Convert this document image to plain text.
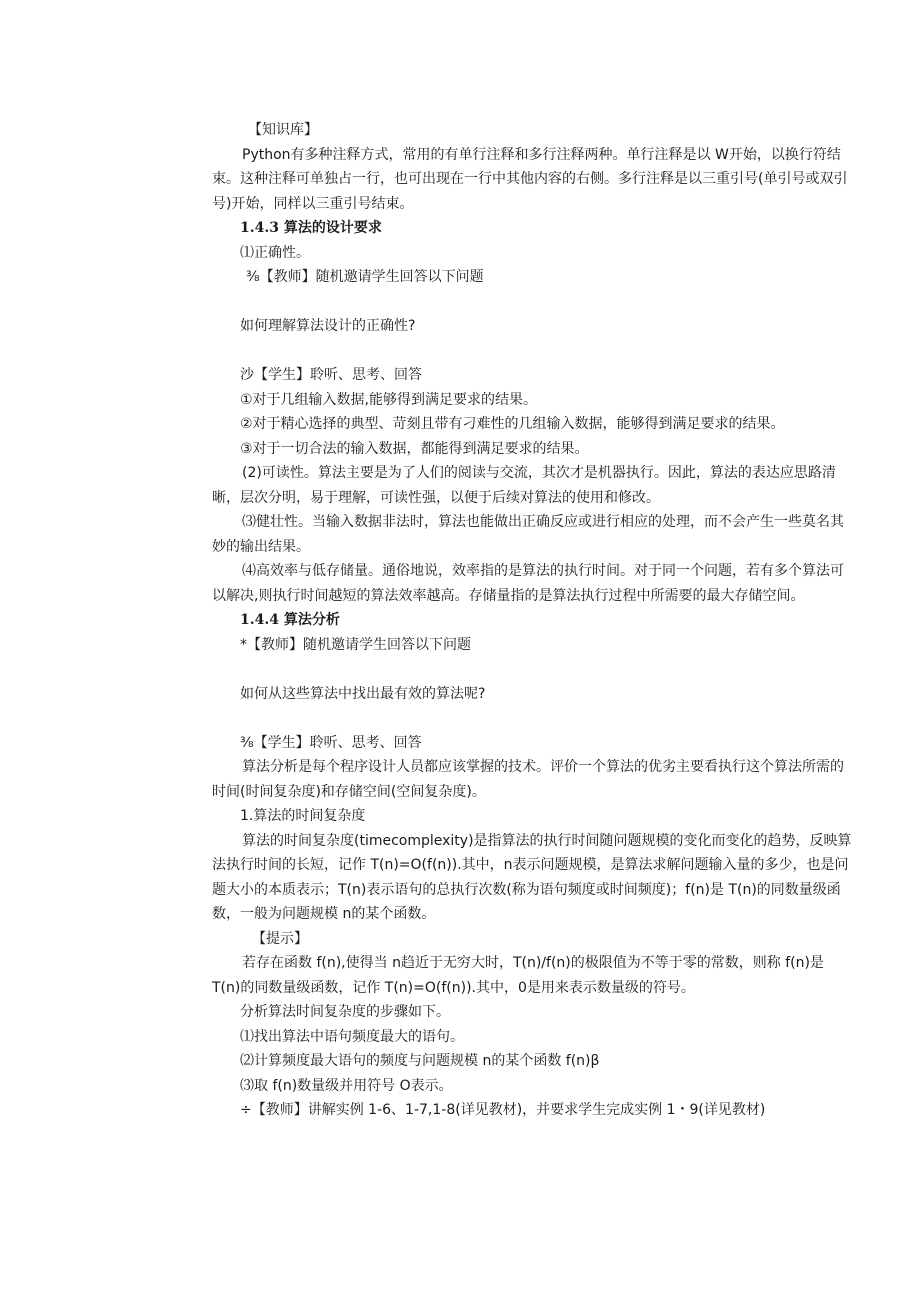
【知识库】

Python有多种注释方式，常用的有单行注释和多行注释两种。单行注释是以 W开始，以换行符结束。这种注释可单独占一行，也可出现在一行中其他内容的右侧。多行注释是以三重引号(单引号或双引号)开始，同样以三重引号结束。

1.4.3 算法的设计要求

⑴正确性。

⅜【教师】随机邀请学生回答以下问题

如何理解算法设计的正确性?

沙【学生】聆听、思考、回答

①对于几组输入数据,能够得到满足要求的结果。

②对于精心选择的典型、苛刻且带有刁难性的几组输入数据，能够得到满足要求的结果。

③对于一切合法的输入数据，都能得到满足要求的结果。

(2)可读性。算法主要是为了人们的阅读与交流，其次才是机器执行。因此，算法的表达应思路清晰，层次分明，易于理解，可读性强，以便于后续对算法的使用和修改。

⑶健壮性。当输入数据非法时，算法也能做出正确反应或进行相应的处理，而不会产生一些莫名其妙的输出结果。

⑷高效率与低存储量。通俗地说，效率指的是算法的执行时间。对于同一个问题，若有多个算法可以解决,则执行时间越短的算法效率越高。存储量指的是算法执行过程中所需要的最大存储空间。

1.4.4 算法分析

*【教师】随机邀请学生回答以下问题

如何从这些算法中找出最有效的算法呢?

⅜【学生】聆听、思考、回答

算法分析是每个程序设计人员都应该掌握的技术。评价一个算法的优劣主要看执行这个算法所需的时间(时间复杂度)和存储空间(空间复杂度)。

1.算法的时间复杂度

算法的时间复杂度(timecomplexity)是指算法的执行时间随问题规模的变化而变化的趋势，反映算法执行时间的长短，记作 T(n)=O(f(n)).其中，n表示问题规模，是算法求解问题输入量的多少，也是问题大小的本质表示；T(n)表示语句的总执行次数(称为语句频度或时间频度)；f(n)是 T(n)的同数量级函数，一般为问题规模 n的某个函数。

【提示】

若存在函数 f(n),使得当 n趋近于无穷大时，T(n)∕f(n)的极限值为不等于零的常数，则称 f(n)是 T(n)的同数量级函数，记作 T(n)=O(f(n)).其中，0是用来表示数量级的符号。

分析算法时间复杂度的步骤如下。

⑴找出算法中语句频度最大的语句。

⑵计算频度最大语句的频度与问题规模 n的某个函数 f(n)β

⑶取 f(n)数量级并用符号 O表示。

÷【教师】讲解实例 1-6、1-7,1-8(详见教材)，并要求学生完成实例 1・9(详见教材)
